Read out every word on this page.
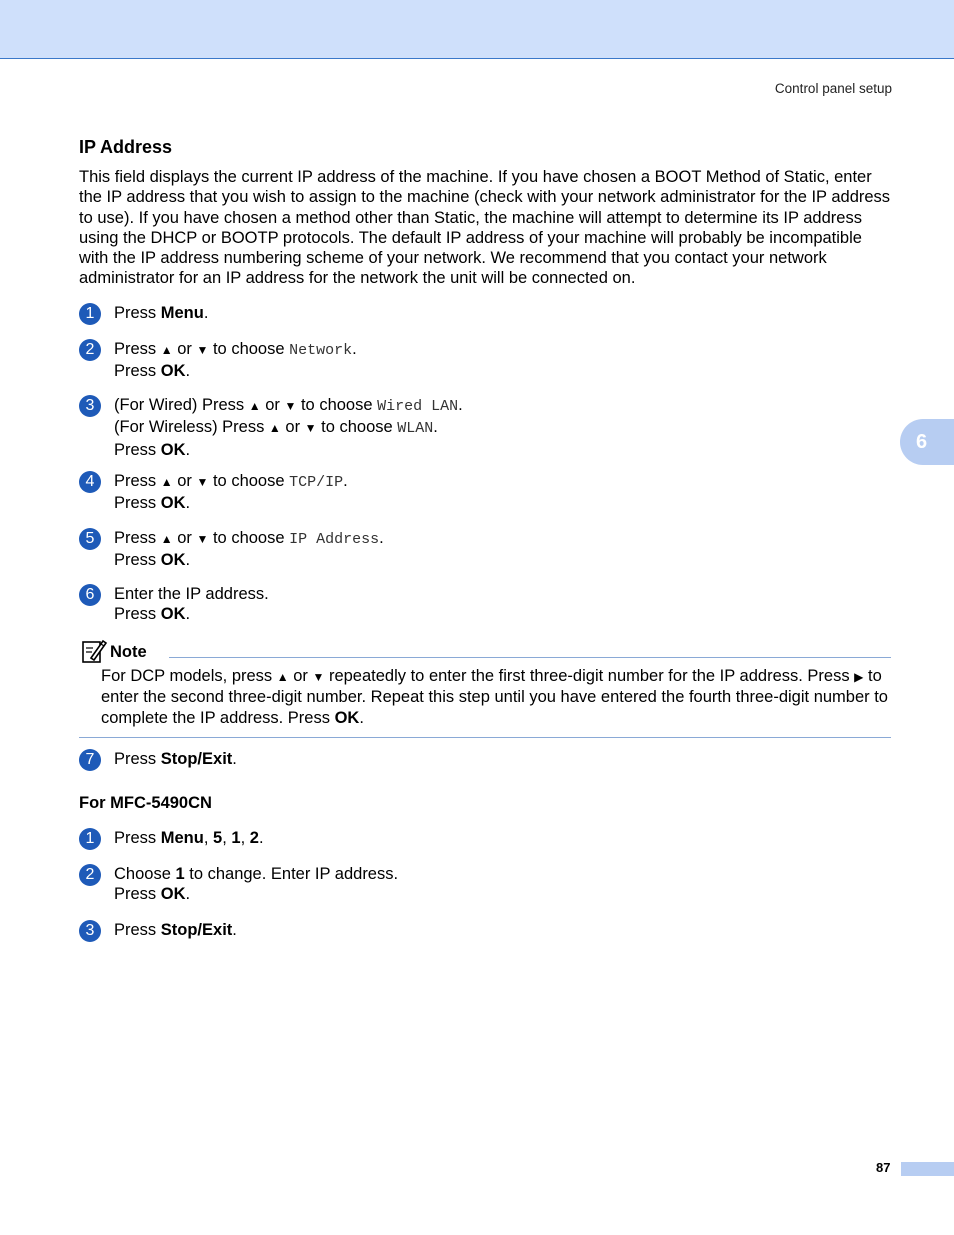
Control panel setup
6
IP Address

This field displays the current IP address of the machine. If you have chosen a BOOT Method of Static, enter the IP address that you wish to assign to the machine (check with your network administrator for the IP address to use). If you have chosen a method other than Static, the machine will attempt to determine its IP address using the DHCP or BOOTP protocols. The default IP address of your machine will probably be incompatible with the IP address numbering scheme of your network. We recommend that you contact your network administrator for an IP address for the network the unit will be connected on.

1	Press Menu.
2	Press ▲ or ▼ to choose Network.
Press OK.
3	(For Wired) Press ▲ or ▼ to choose Wired LAN.
(For Wireless) Press ▲ or ▼ to choose WLAN.
Press OK.
4	Press ▲ or ▼ to choose TCP/IP.
Press OK.
5	Press ▲ or ▼ to choose IP Address.
Press OK.
6	Enter the IP address.
Press OK.
Note

For DCP models, press ▲ or ▼ repeatedly to enter the first three-digit number for the IP address. Press ▶ to enter the second three-digit number. Repeat this step until you have entered the fourth three-digit number to complete the IP address. Press OK.

7	Press Stop/Exit.
For MFC-5490CN
1	Press Menu, 5, 1, 2.
2	Choose 1 to change. Enter IP address.
Press OK.
3	Press Stop/Exit.
87
